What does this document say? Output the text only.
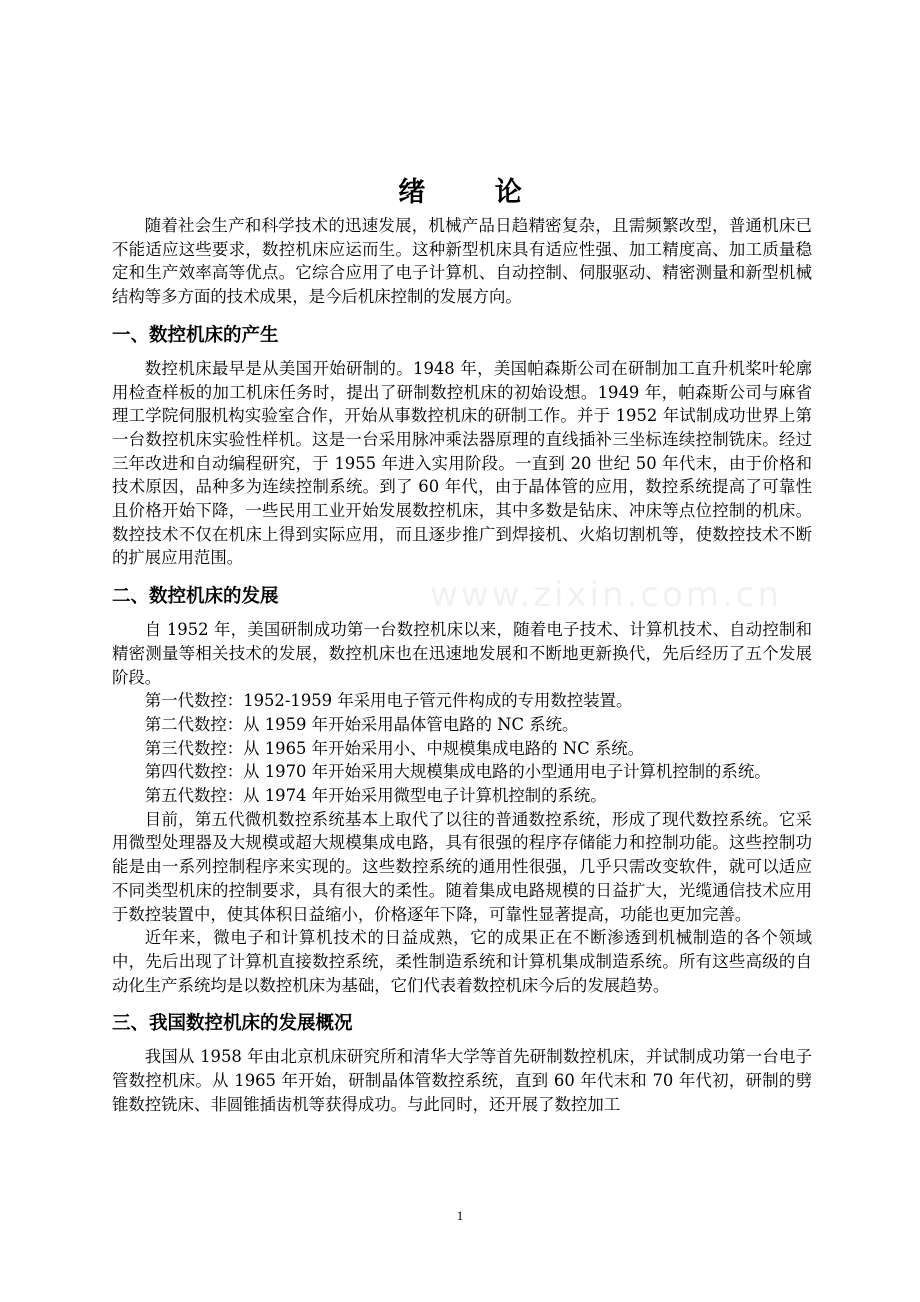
www.zixin.com.cn
绪 论

随着社会生产和科学技术的迅速发展，机械产品日趋精密复杂，且需频繁改型，普通机床已不能适应这些要求，数控机床应运而生。这种新型机床具有适应性强、加工精度高、加工质量稳定和生产效率高等优点。它综合应用了电子计算机、自动控制、伺服驱动、精密测量和新型机械结构等多方面的技术成果，是今后机床控制的发展方向。

一、数控机床的产生

数控机床最早是从美国开始研制的。1948 年，美国帕森斯公司在研制加工直升机桨叶轮廓用检查样板的加工机床任务时，提出了研制数控机床的初始设想。1949 年，帕森斯公司与麻省理工学院伺服机构实验室合作，开始从事数控机床的研制工作。并于 1952 年试制成功世界上第一台数控机床实验性样机。这是一台采用脉冲乘法器原理的直线插补三坐标连续控制铣床。经过三年改进和自动编程研究，于 1955 年进入实用阶段。一直到 20 世纪 50 年代末，由于价格和技术原因，品种多为连续控制系统。到了 60 年代，由于晶体管的应用，数控系统提高了可靠性且价格开始下降，一些民用工业开始发展数控机床，其中多数是钻床、冲床等点位控制的机床。数控技术不仅在机床上得到实际应用，而且逐步推广到焊接机、火焰切割机等，使数控技术不断的扩展应用范围。

二、数控机床的发展

自 1952 年，美国研制成功第一台数控机床以来，随着电子技术、计算机技术、自动控制和精密测量等相关技术的发展，数控机床也在迅速地发展和不断地更新换代，先后经历了五个发展阶段。

第一代数控：1952-1959 年采用电子管元件构成的专用数控装置。

第二代数控：从 1959 年开始采用晶体管电路的 NC 系统。

第三代数控：从 1965 年开始采用小、中规模集成电路的 NC 系统。

第四代数控：从 1970 年开始采用大规模集成电路的小型通用电子计算机控制的系统。

第五代数控：从 1974 年开始采用微型电子计算机控制的系统。

目前，第五代微机数控系统基本上取代了以往的普通数控系统，形成了现代数控系统。它采用微型处理器及大规模或超大规模集成电路，具有很强的程序存储能力和控制功能。这些控制功能是由一系列控制程序来实现的。这些数控系统的通用性很强，几乎只需改变软件，就可以适应不同类型机床的控制要求，具有很大的柔性。随着集成电路规模的日益扩大，光缆通信技术应用于数控装置中，使其体积日益缩小，价格逐年下降，可靠性显著提高，功能也更加完善。

近年来，微电子和计算机技术的日益成熟，它的成果正在不断渗透到机械制造的各个领域中，先后出现了计算机直接数控系统，柔性制造系统和计算机集成制造系统。所有这些高级的自动化生产系统均是以数控机床为基础，它们代表着数控机床今后的发展趋势。

三、我国数控机床的发展概况

我国从 1958 年由北京机床研究所和清华大学等首先研制数控机床，并试制成功第一台电子管数控机床。从 1965 年开始，研制晶体管数控系统，直到 60 年代末和 70 年代初，研制的劈锥数控铣床、非圆锥插齿机等获得成功。与此同时，还开展了数控加工

1
